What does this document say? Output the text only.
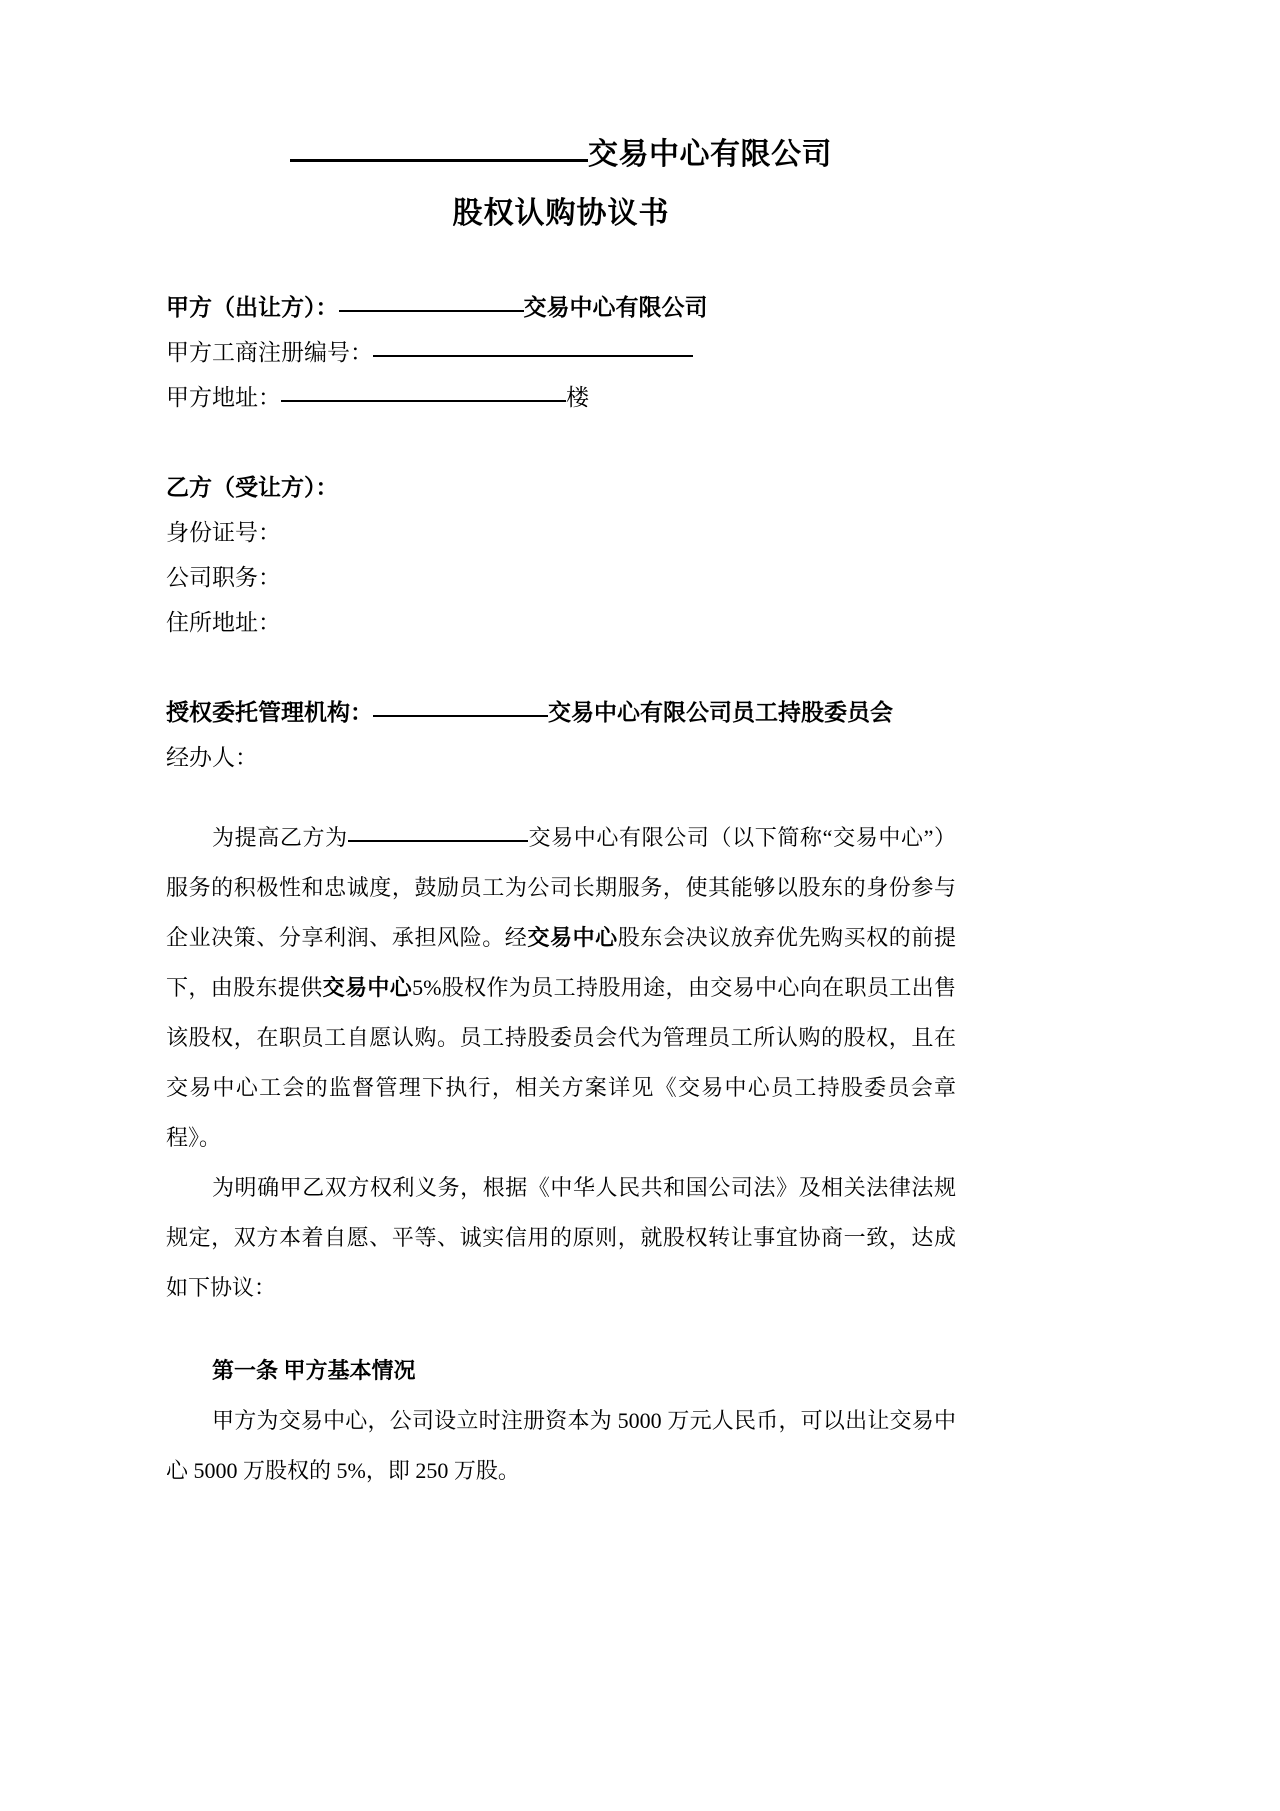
交易中心有限公司
股权认购协议书
甲方（出让方）：	交易中心有限公司
甲方工商注册编号：
甲方地址：	楼
乙方（受让方）：
身份证号：
公司职务：
住所地址：
授权委托管理机构：	交易中心有限公司员工持股委员会
经办人：

为提高乙方为	交易中心有限公司（以下简称“交易中心”）服务的积极性和忠诚度，鼓励员工为公司长期服务，使其能够以股东的身份参与企业决策、分享利润、承担风险。经交易中心股东会决议放弃优先购买权的前提下，由股东提供交易中心5%股权作为员工持股用途，由交易中心向在职员工出售该股权，在职员工自愿认购。员工持股委员会代为管理员工所认购的股权，且在交易中心工会的监督管理下执行，相关方案详见《交易中心员工持股委员会章程》。

为明确甲乙双方权利义务，根据《中华人民共和国公司法》及相关法律法规规定，双方本着自愿、平等、诚实信用的原则，就股权转让事宜协商一致，达成如下协议：

第一条 甲方基本情况

甲方为交易中心，公司设立时注册资本为 5000 万元人民币，可以出让交易中心 5000 万股权的 5%，即 250 万股。
